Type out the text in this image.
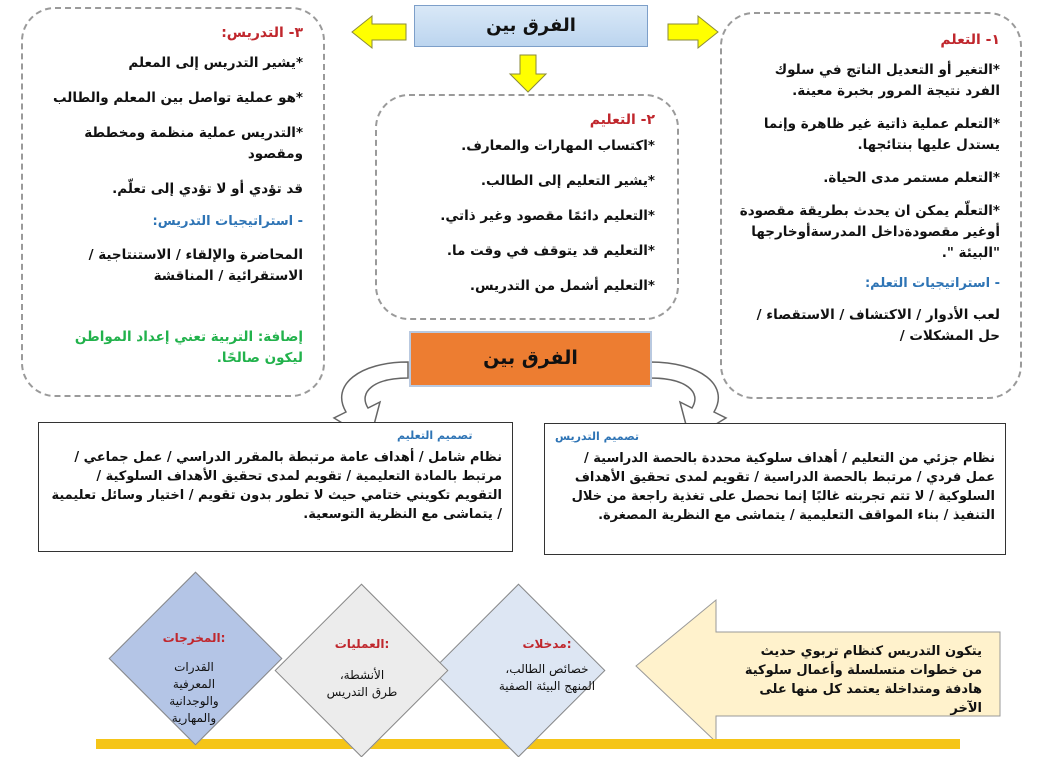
الفرق بين
١- التعلم
*التغير أو التعديل الناتج في سلوك الفرد نتيجة المرور بخبرة معينة.
*التعلم عملية ذاتية غير ظاهرة وإنما يستدل عليها بنتائجها.
*التعلم مستمر مدى الحياة.
*التعلّم يمكن ان يحدث بطريقة مقصودة أوغير مقصودةداخل المدرسةأوخارجها "البيئة ".
- استراتيجيات التعلم:
لعب الأدوار / الاكتشاف / الاستقصاء / حل المشكلات /
٢- التعليم
*اكتساب المهارات والمعارف.
*يشير التعليم إلى الطالب.
*التعليم دائمًا مقصود وغير ذاتي.
*التعليم قد يتوقف في وقت ما.
*التعليم أشمل من التدريس.
٣- التدريس:
*يشير التدريس إلى المعلم
*هو عملية تواصل بين المعلم والطالب
*التدريس عملية منظمة ومخططة ومقصود
قد تؤدي أو لا تؤدي إلى تعلّم.
- استراتيجيات التدريس:
المحاضرة والإلقاء / الاستنتاجية /الاستقرائية / المناقشة
إضافة: التربية تعني إعداد المواطن ليكون صالحًا.	الفرق بين
تصميم التدريس
نظام جزئي من التعليم / أهداف سلوكية محددة بالحصة الدراسية / عمل فردي / مرتبط بالحصة الدراسية / تقويم لمدى تحقيق الأهداف السلوكية / لا تتم تجربته غالبًا إنما نحصل على تغذية راجعة من خلال التنفيذ / بناء المواقف التعليمية / يتماشى مع النظرية المصغرة.
تصميم التعليم
نظام شامل / أهداف عامة مرتبطة بالمقرر الدراسي / عمل جماعي / مرتبط بالمادة التعليمية / تقويم لمدى تحقيق الأهداف السلوكية / التقويم تكويني ختامي حيث لا تطور بدون تقويم / اختيار وسائل تعليمية / يتماشى مع النظرية التوسعية.
يتكون التدريس كنظام تربوي حديث من خطوات متسلسلة وأعمال سلوكية هادفة ومتداخلة يعتمد كل منها على الآخر
مدخلات:
خصائص الطالب، المنهج البيئة الصفية
العمليات:
الأنشطة، طرق التدريس
المخرجات:
القدرات المعرفية والوجدانية والمهارية
